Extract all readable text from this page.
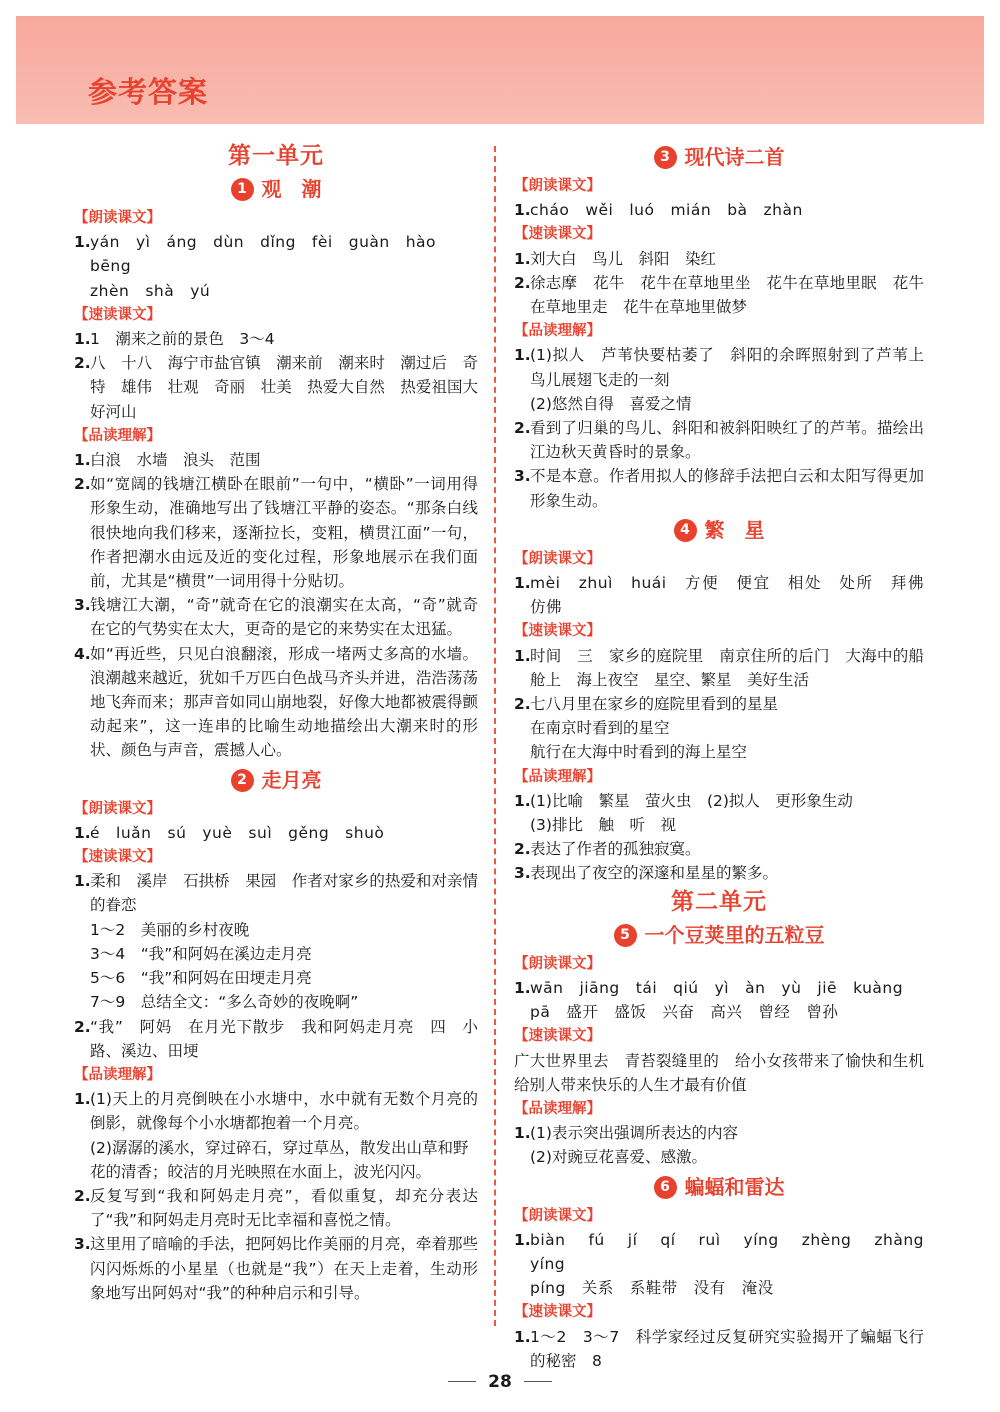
参考答案
第一单元
1 观　潮
【朗读课文】
1. yán　yì　áng　dùn　dǐng　fèi　guàn　hào
bēng
zhèn　shà　yú
【速读课文】
1. 1　潮来之前的景色　3～4
2. 八　十八　海宁市盐官镇　潮来前　潮来时　潮过后　奇特　雄伟　壮观　奇丽　壮美　热爱大自然　热爱祖国大好河山
【品读理解】
1. 白浪　水墙　浪头　范围
2. 如“宽阔的钱塘江横卧在眼前”一句中，“横卧”一词用得形象生动，准确地写出了钱塘江平静的姿态。“那条白线很快地向我们移来，逐渐拉长，变粗，横贯江面”一句，作者把潮水由远及近的变化过程，形象地展示在我们面前，尤其是“横贯”一词用得十分贴切。
3. 钱塘江大潮，“奇”就奇在它的浪潮实在太高，“奇”就奇在它的气势实在太大，更奇的是它的来势实在太迅猛。
4. 如“再近些，只见白浪翻滚，形成一堵两丈多高的水墙。浪潮越来越近，犹如千万匹白色战马齐头并进，浩浩荡荡地飞奔而来；那声音如同山崩地裂，好像大地都被震得颤动起来”，这一连串的比喻生动地描绘出大潮来时的形状、颜色与声音，震撼人心。
2 走月亮
【朗读课文】
1. é　luǎn　sú　yuè　suì　gěng　shuò
【速读课文】
1. 柔和　溪岸　石拱桥　果园　作者对家乡的热爱和对亲情的眷恋
1～2　美丽的乡村夜晚
3～4　“我”和阿妈在溪边走月亮
5～6　“我”和阿妈在田埂走月亮
7～9　总结全文：“多么奇妙的夜晚啊”
2. “我”　阿妈　在月光下散步　我和阿妈走月亮　四　小路、溪边、田埂
【品读理解】
1. (1)天上的月亮倒映在小水塘中，水中就有无数个月亮的倒影，就像每个小水塘都抱着一个月亮。
(2)潺潺的溪水，穿过碎石，穿过草丛，散发出山草和野花的清香；皎洁的月光映照在水面上，波光闪闪。
2. 反复写到“我和阿妈走月亮”，看似重复，却充分表达了“我”和阿妈走月亮时无比幸福和喜悦之情。
3. 这里用了暗喻的手法，把阿妈比作美丽的月亮，牵着那些闪闪烁烁的小星星（也就是“我”）在天上走着，生动形象地写出阿妈对“我”的种种启示和引导。
3 现代诗二首
【朗读课文】
1. cháo　wěi　luó　mián　bà　zhàn
【速读课文】
1. 刘大白　鸟儿　斜阳　染红
2. 徐志摩　花牛　花牛在草地里坐　花牛在草地里眠　花牛在草地里走　花牛在草地里做梦
【品读理解】
1. (1)拟人　芦苇快要枯萎了　斜阳的余晖照射到了芦苇上　鸟儿展翅飞走的一刻
(2)悠然自得　喜爱之情
2. 看到了归巢的鸟儿、斜阳和被斜阳映红了的芦苇。描绘出江边秋天黄昏时的景象。
3. 不是本意。作者用拟人的修辞手法把白云和太阳写得更加形象生动。
4 繁　星
【朗读课文】
1. mèi　zhuì　huái　方便　便宜　相处　处所　拜佛　仿佛
【速读课文】
1. 时间　三　家乡的庭院里　南京住所的后门　大海中的船舱上　海上夜空　星空、繁星　美好生活
2. 七八月里在家乡的庭院里看到的星星
在南京时看到的星空
航行在大海中时看到的海上星空
【品读理解】
1. (1)比喻　繁星　萤火虫　(2)拟人　更形象生动
(3)排比　触　听　视
2. 表达了作者的孤独寂寞。
3. 表现出了夜空的深邃和星星的繁多。
第二单元
5 一个豆荚里的五粒豆
【朗读课文】
1. wān　jiāng　tái　qiú　yì　àn　yù　jiē　kuàng
pā　盛开　盛饭　兴奋　高兴　曾经　曾孙
【速读课文】
广大世界里去　青苔裂缝里的　给小女孩带来了愉快和生机　给别人带来快乐的人生才最有价值
【品读理解】
1. (1)表示突出强调所表达的内容
(2)对豌豆花喜爱、感激。
6 蝙蝠和雷达
【朗读课文】
1. biàn　fú　jí　qí　ruì　yíng　zhèng　zhàng　yíng
píng　关系　系鞋带　没有　淹没
【速读课文】
1. 1～2　3～7　科学家经过反复研究实验揭开了蝙蝠飞行的秘密　8
28
